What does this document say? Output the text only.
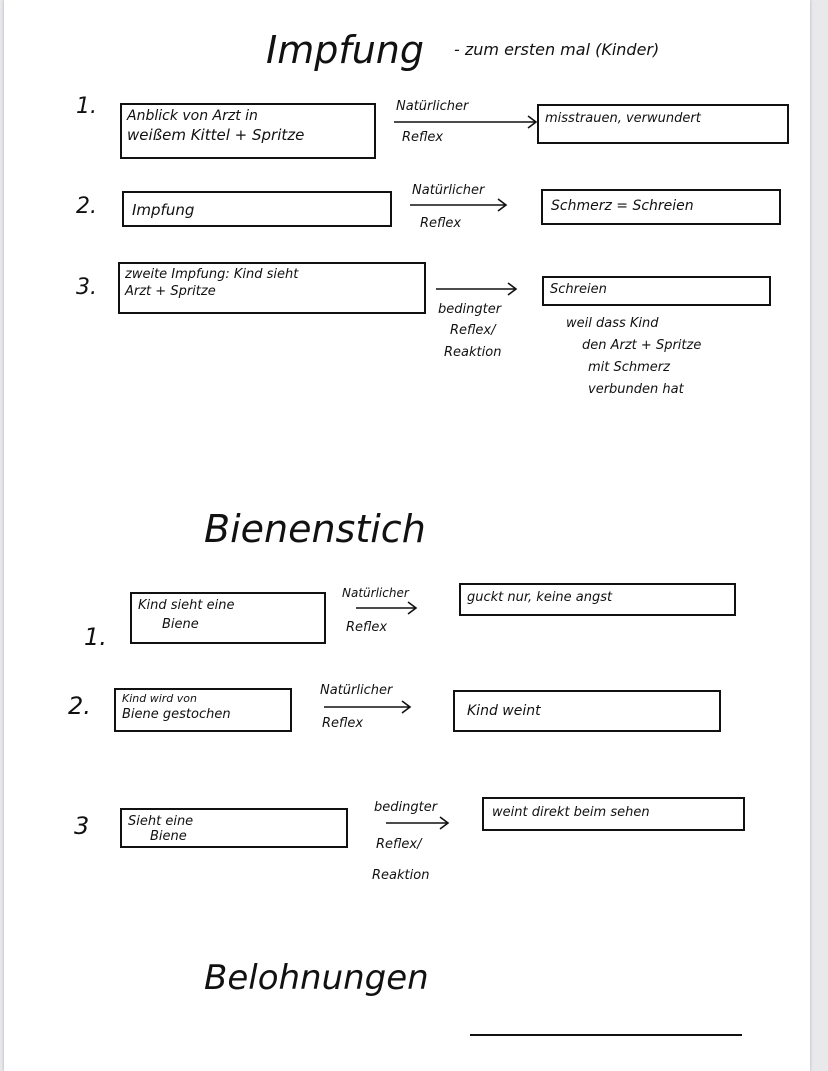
Impfung - zum ersten mal (Kinder)
1. Anblick von Arzt in
weißem Kittel + Spritze
Natürlicher
Reflex
misstrauen, verwundert
2. Impfung
Natürlicher
Reflex
Schmerz = Schreien
3.
zweite Impfung: Kind sieht
Arzt + Spritze
bedingter
Reflex/
Reaktion
Schreien
weil dass Kind
den Arzt + Spritze
mit Schmerz
verbunden hat
Bienenstich
1.
Kind sieht eine
Biene
Natürlicher
Reflex
guckt nur, keine angst
2.	Kind wird von
Biene gestochen
Natürlicher
Reflex
Kind weint
3	Sieht eine
Biene
bedingter
Reflex/
Reaktion
weint direkt beim sehen
Belohnungen
